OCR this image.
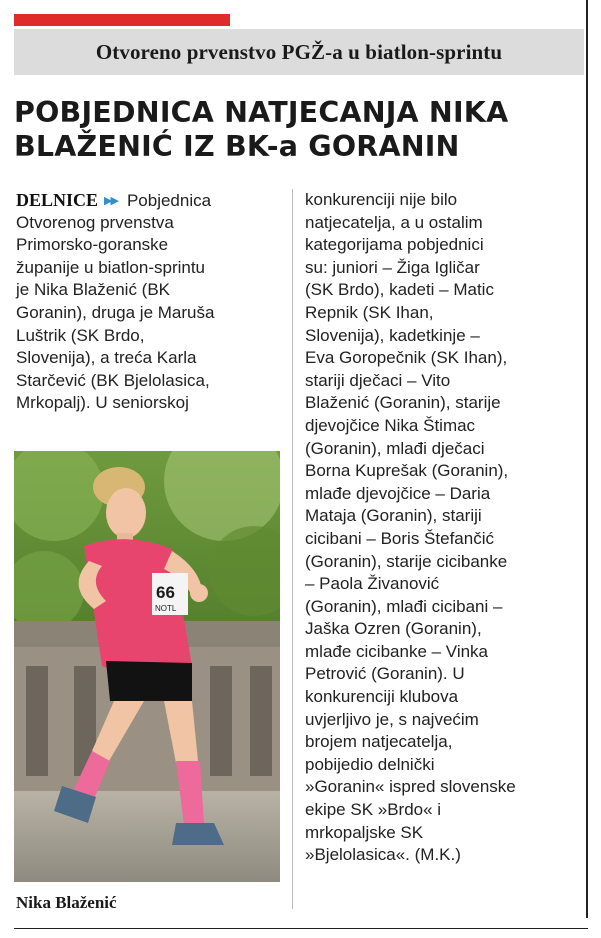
Otvoreno prvenstvo PGŽ-a u biatlon-sprintu
POBJEDNICA NATJECANJA NIKA
BLAŽENIĆ IZ BK-a GORANIN
DELNICE ▶▶ Pobjednica
Otvorenog prvenstva
Primorsko-goranske
županije u biatlon-sprintu
je Nika Blaženić (BK
Goranin), druga je Maruša
Luštrik (SK Brdo,
Slovenija), a treća Karla
Starčević (BK Bjelolasica,
Mrkopalj). U seniorskoj
66
NOTL
Nika Blaženić
konkurenciji nije bilo
natjecatelja, a u ostalim
kategorijama pobjednici
su: juniori – Žiga Igličar
(SK Brdo), kadeti – Matic
Repnik (SK Ihan,
Slovenija), kadetkinje –
Eva Goropečnik (SK Ihan),
stariji dječaci – Vito
Blaženić (Goranin), starije
djevojčice Nika Štimac
(Goranin), mlađi dječaci
Borna Kuprešak (Goranin),
mlađe djevojčice – Daria
Mataja (Goranin), stariji
cicibani – Boris Štefančić
(Goranin), starije cicibanke
– Paola Živanović
(Goranin), mlađi cicibani –
Jaška Ozren (Goranin),
mlađe cicibanke – Vinka
Petrović (Goranin). U
konkurenciji klubova
uvjerljivo je, s najvećim
brojem natjecatelja,
pobijedio delnički
»Goranin« ispred slovenske
ekipe SK »Brdo« i
mrkopaljske SK
»Bjelolasica«. (M.K.)
